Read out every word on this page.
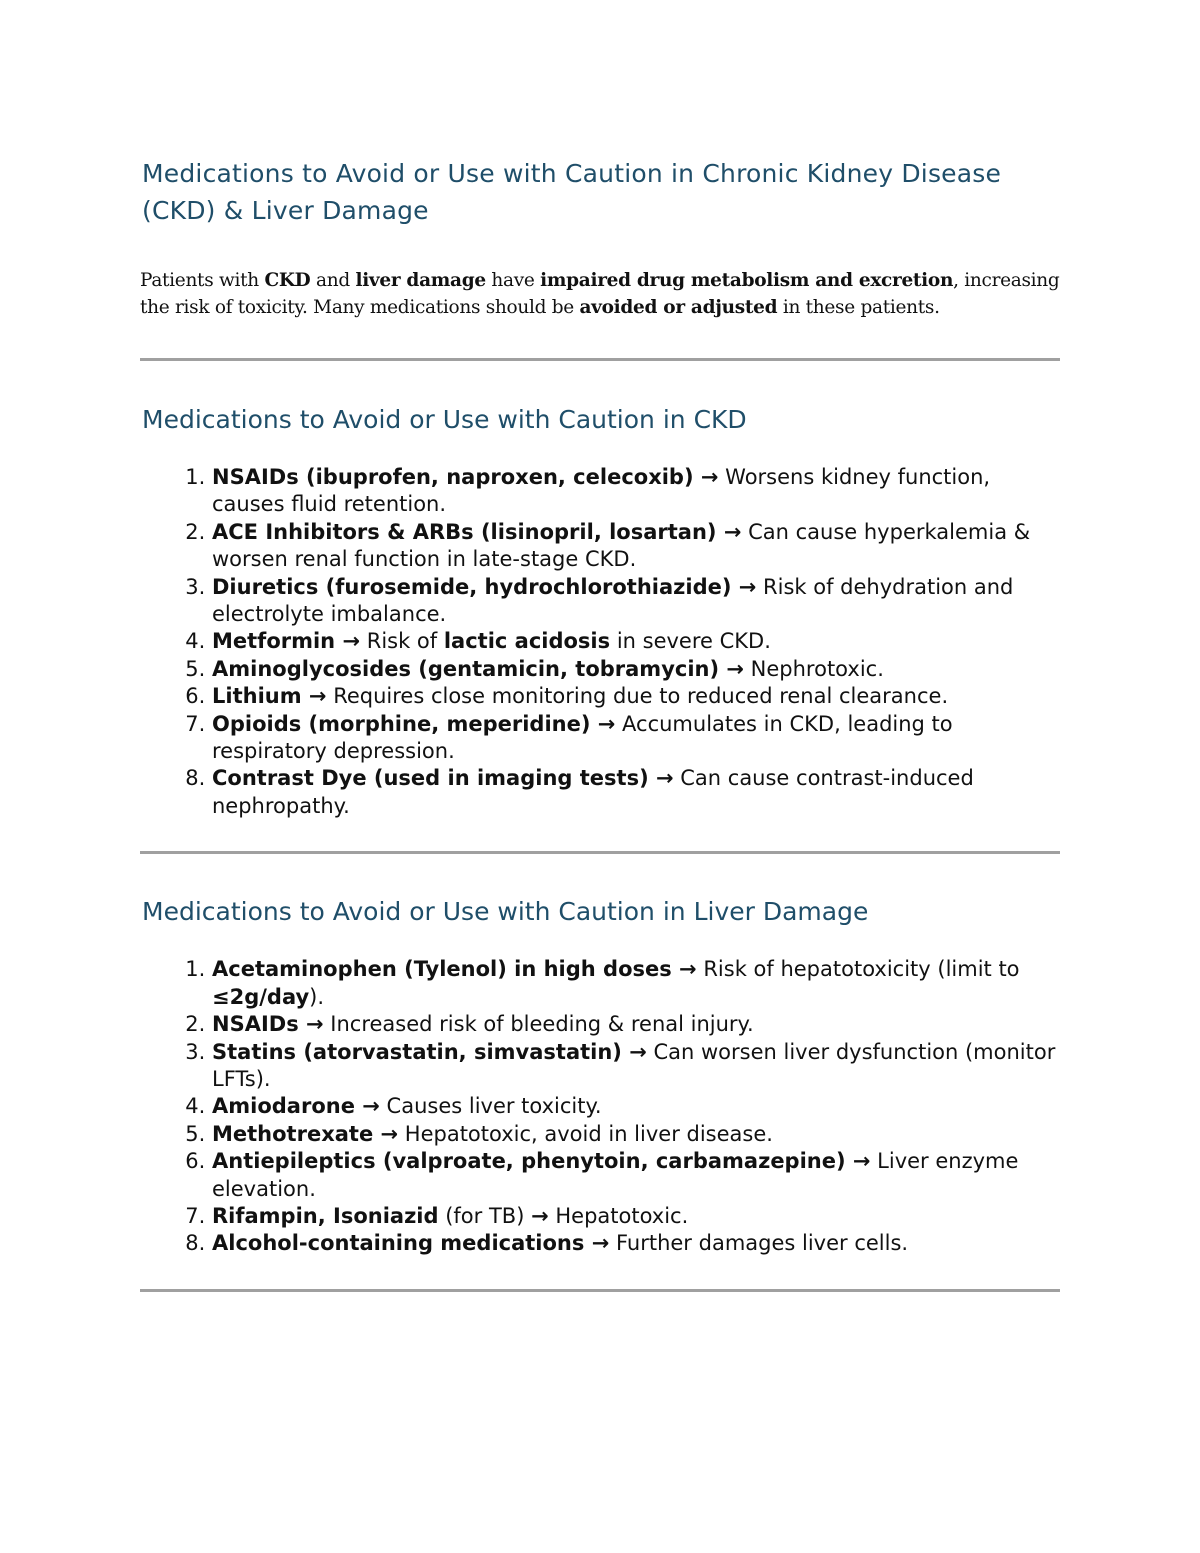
Medications to Avoid or Use with Caution in Chronic Kidney Disease (CKD) & Liver Damage

Patients with CKD and liver damage have impaired drug metabolism and excretion, increasing the risk of toxicity. Many medications should be avoided or adjusted in these patients.

Medications to Avoid or Use with Caution in CKD
1. NSAIDs (ibuprofen, naproxen, celecoxib) → Worsens kidney function, causes fluid retention.
2. ACE Inhibitors & ARBs (lisinopril, losartan) → Can cause hyperkalemia & worsen renal function in late-stage CKD.
3. Diuretics (furosemide, hydrochlorothiazide) → Risk of dehydration and electrolyte imbalance.
4. Metformin → Risk of lactic acidosis in severe CKD.
5. Aminoglycosides (gentamicin, tobramycin) → Nephrotoxic.
6. Lithium → Requires close monitoring due to reduced renal clearance.
7. Opioids (morphine, meperidine) → Accumulates in CKD, leading to respiratory depression.
8. Contrast Dye (used in imaging tests) → Can cause contrast-induced nephropathy.
Medications to Avoid or Use with Caution in Liver Damage
1. Acetaminophen (Tylenol) in high doses → Risk of hepatotoxicity (limit to ≤2g/day).
2. NSAIDs → Increased risk of bleeding & renal injury.
3. Statins (atorvastatin, simvastatin) → Can worsen liver dysfunction (monitor LFTs).
4. Amiodarone → Causes liver toxicity.
5. Methotrexate → Hepatotoxic, avoid in liver disease.
6. Antiepileptics (valproate, phenytoin, carbamazepine) → Liver enzyme elevation.
7. Rifampin, Isoniazid (for TB) → Hepatotoxic.
8. Alcohol-containing medications → Further damages liver cells.
